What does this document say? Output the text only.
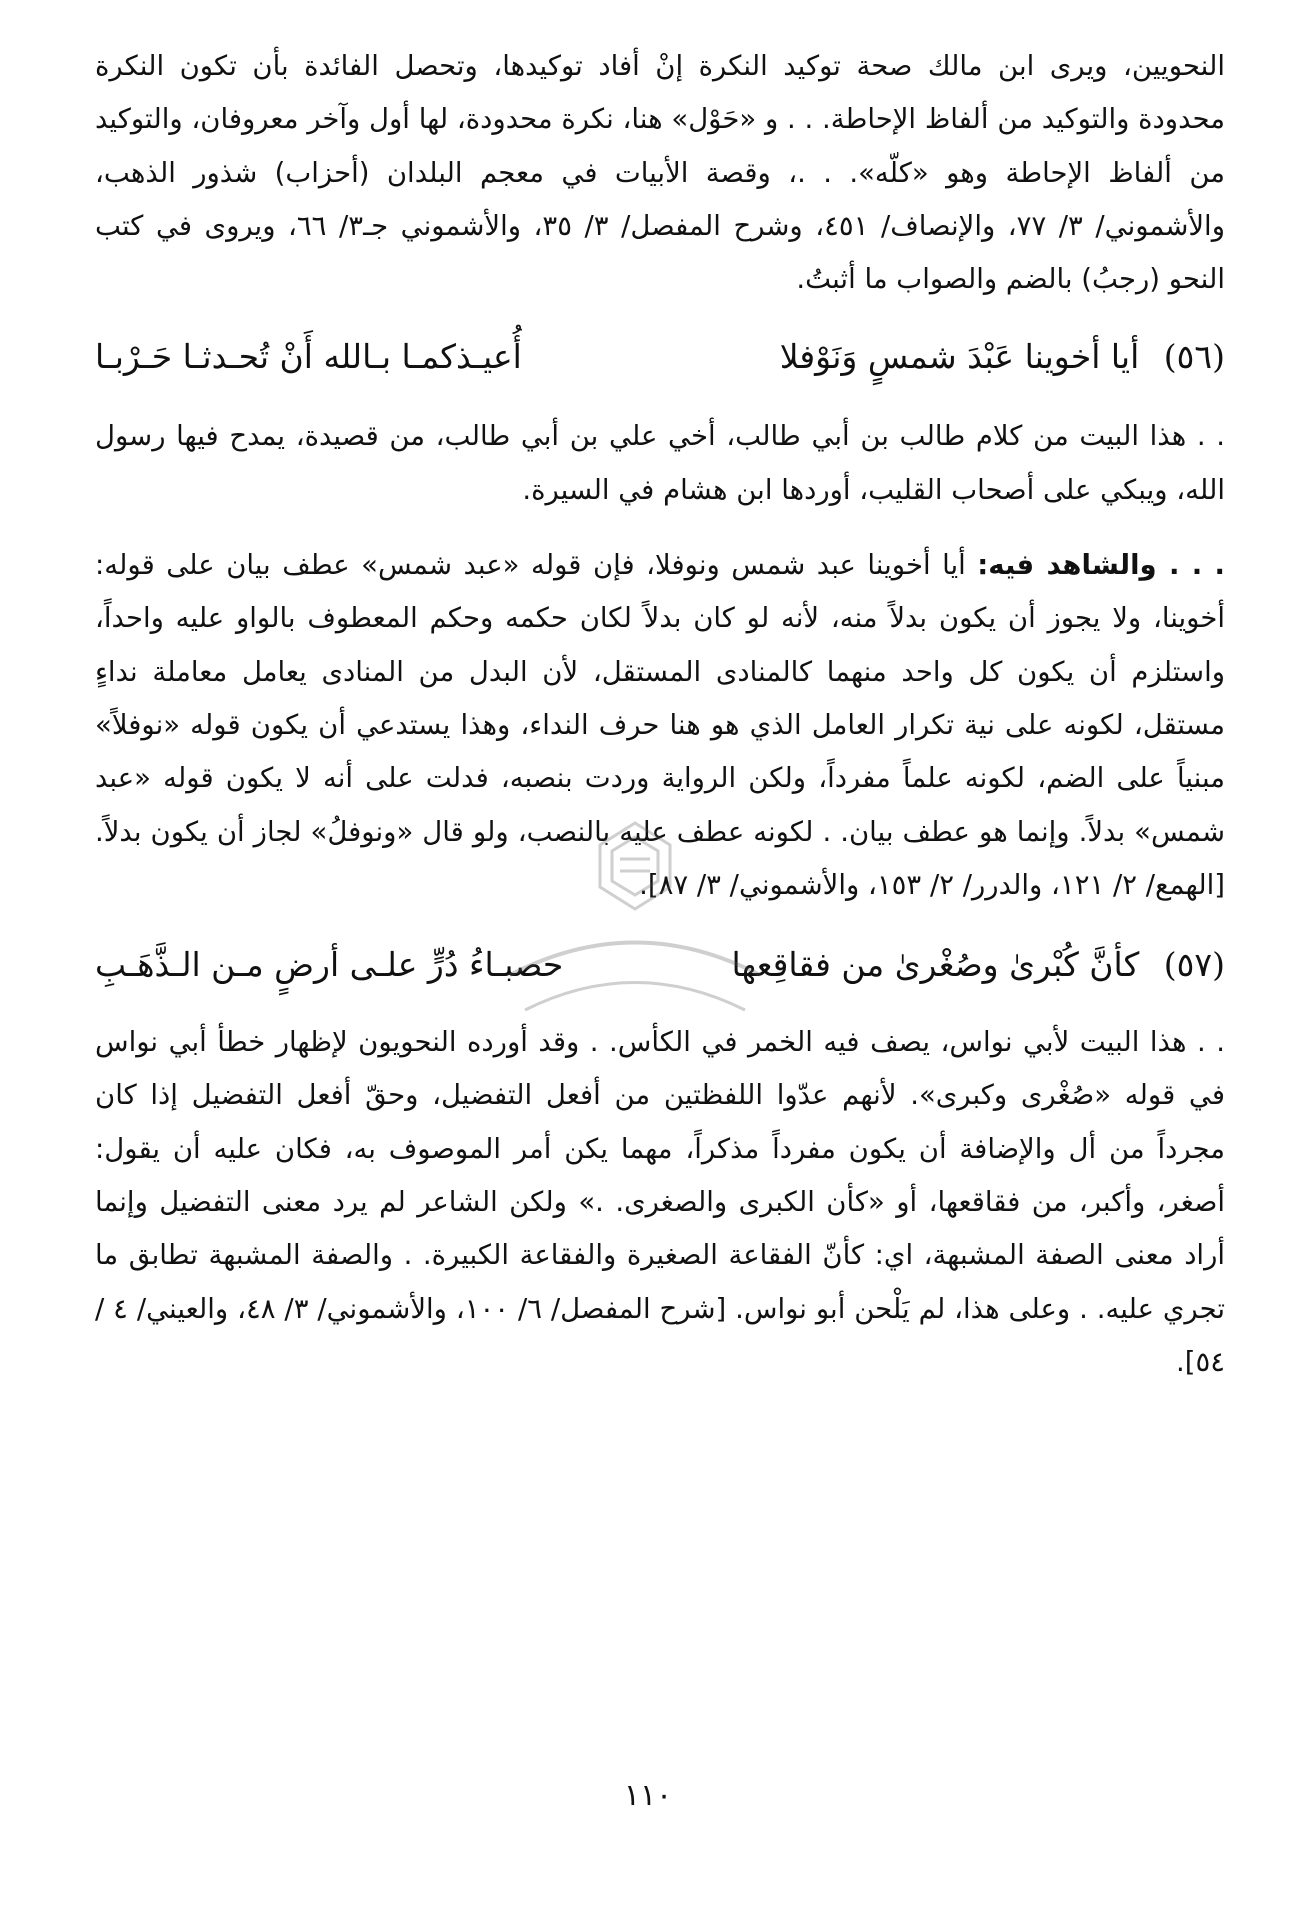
النحويين، ويرى ابن مالك صحة توكيد النكرة إنْ أفاد توكيدها، وتحصل الفائدة بأن تكون النكرة محدودة والتوكيد من ألفاظ الإحاطة. . . و «حَوْل» هنا، نكرة محدودة، لها أول وآخر معروفان، والتوكيد من ألفاظ الإحاطة وهو «كلّه». . .، وقصة الأبيات في معجم البلدان (أحزاب) شذور الذهب، والأشموني/ ٣/ ٧٧، والإنصاف/ ٤٥١، وشرح المفصل/ ٣/ ٣٥، والأشموني جـ٣/ ٦٦، ويروى في كتب النحو (رجبُ) بالضم والصواب ما أثبتُ.

(٥٦) أيا أخوينا عَبْدَ شمسٍ وَنَوْفلا
أُعيـذكمـا بـالله أَنْ تُحـدثـا حَـرْبـا

. . هذا البيت من كلام طالب بن أبي طالب، أخي علي بن أبي طالب، من قصيدة، يمدح فيها رسول الله، ويبكي على أصحاب القليب، أوردها ابن هشام في السيرة.

. . . والشاهد فيه: أيا أخوينا عبد شمس ونوفلا، فإن قوله «عبد شمس» عطف بيان على قوله: أخوينا، ولا يجوز أن يكون بدلاً منه، لأنه لو كان بدلاً لكان حكمه وحكم المعطوف بالواو عليه واحداً، واستلزم أن يكون كل واحد منهما كالمنادى المستقل، لأن البدل من المنادى يعامل معاملة نداءٍ مستقل، لكونه على نية تكرار العامل الذي هو هنا حرف النداء، وهذا يستدعي أن يكون قوله «نوفلاً» مبنياً على الضم، لكونه علماً مفرداً، ولكن الرواية وردت بنصبه، فدلت على أنه لا يكون قوله «عبد شمس» بدلاً. وإنما هو عطف بيان. . لكونه عطف عليه بالنصب، ولو قال «ونوفلُ» لجاز أن يكون بدلاً. [الهمع/ ٢/ ١٢١، والدرر/ ٢/ ١٥٣، والأشموني/ ٣/ ٨٧].

(٥٧) كأنَّ كُبْرىٰ وصُغْرىٰ من فقاقِعها
حصبـاءُ دُرٍّ علـى أرضٍ مـن الـذَّهَـبِ

. . هذا البيت لأبي نواس، يصف فيه الخمر في الكأس. . وقد أورده النحويون لإظهار خطأ أبي نواس في قوله «صُغْرى وكبرى». لأنهم عدّوا اللفظتين من أفعل التفضيل، وحقّ أفعل التفضيل إذا كان مجرداً من أل والإضافة أن يكون مفرداً مذكراً، مهما يكن أمر الموصوف به، فكان عليه أن يقول: أصغر، وأكبر، من فقاقعها، أو «كأن الكبرى والصغرى. .» ولكن الشاعر لم يرد معنى التفضيل وإنما أراد معنى الصفة المشبهة، اي: كأنّ الفقاعة الصغيرة والفقاعة الكبيرة. . والصفة المشبهة تطابق ما تجري عليه. . وعلى هذا، لم يَلْحن أبو نواس. [شرح المفصل/ ٦/ ١٠٠، والأشموني/ ٣/ ٤٨، والعيني/ ٤ / ٥٤].

١١٠
